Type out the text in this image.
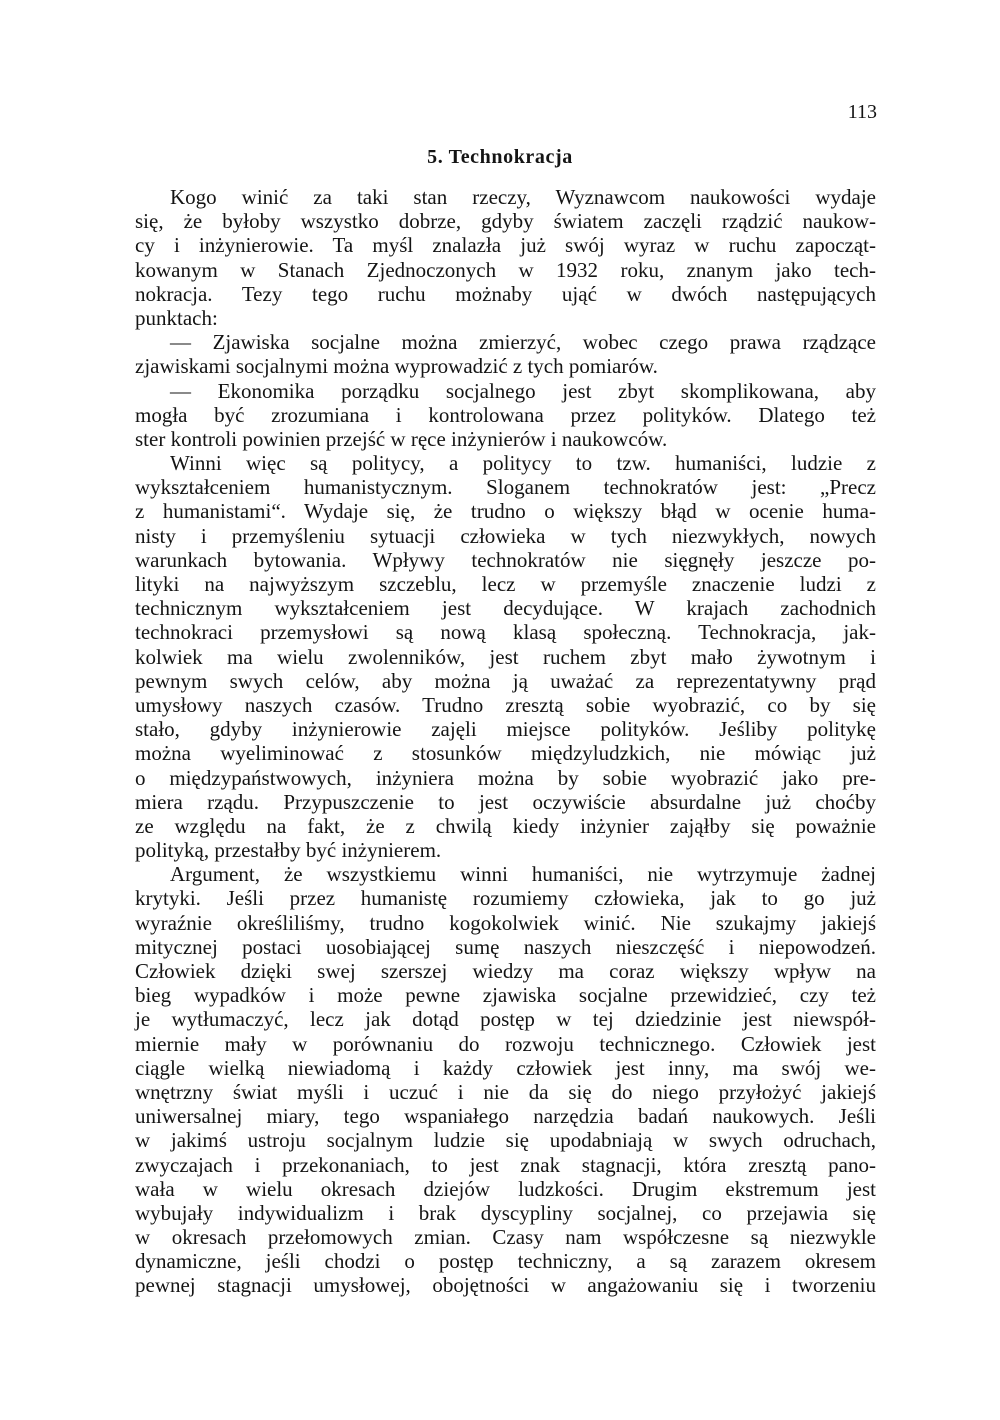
113
5. Technokracja
Kogo winić za taki stan rzeczy, Wyznawcom naukowości wydaje
się, że byłoby wszystko dobrze, gdyby światem zaczęli rządzić naukow-
cy i inżynierowie. Ta myśl znalazła już swój wyraz w ruchu zapocząt-
kowanym w Stanach Zjednoczonych w 1932 roku, znanym jako tech-
nokracja. Tezy tego ruchu możnaby ująć w dwóch następujących
punktach:
— Zjawiska socjalne można zmierzyć, wobec czego prawa rządzące
zjawiskami socjalnymi można wyprowadzić z tych pomiarów.
— Ekonomika porządku socjalnego jest zbyt skomplikowana, aby
mogła być zrozumiana i kontrolowana przez polityków. Dlatego też
ster kontroli powinien przejść w ręce inżynierów i naukowców.
Winni więc są politycy, a politycy to tzw. humaniści, ludzie z
wykształceniem humanistycznym. Sloganem technokratów jest: „Precz
z humanistami“. Wydaje się, że trudno o większy błąd w ocenie huma-
nisty i przemyśleniu sytuacji człowieka w tych niezwykłych, nowych
warunkach bytowania. Wpływy technokratów nie sięgnęły jeszcze po-
lityki na najwyższym szczeblu, lecz w przemyśle znaczenie ludzi z
technicznym wykształceniem jest decydujące. W krajach zachodnich
technokraci przemysłowi są nową klasą społeczną. Technokracja, jak-
kolwiek ma wielu zwolenników, jest ruchem zbyt mało żywotnym i
pewnym swych celów, aby można ją uważać za reprezentatywny prąd
umysłowy naszych czasów. Trudno zresztą sobie wyobrazić, co by się
stało, gdyby inżynierowie zajęli miejsce polityków. Jeśliby politykę
można wyeliminować z stosunków międzyludzkich, nie mówiąc już
o międzypaństwowych, inżyniera można by sobie wyobrazić jako pre-
miera rządu. Przypuszczenie to jest oczywiście absurdalne już choćby
ze względu na fakt, że z chwilą kiedy inżynier zająłby się poważnie
polityką, przestałby być inżynierem.
Argument, że wszystkiemu winni humaniści, nie wytrzymuje żadnej
krytyki. Jeśli przez humanistę rozumiemy człowieka, jak to go już
wyraźnie określiliśmy, trudno kogokolwiek winić. Nie szukajmy jakiejś
mitycznej postaci uosobiającej sumę naszych nieszczęść i niepowodzeń.
Człowiek dzięki swej szerszej wiedzy ma coraz większy wpływ na
bieg wypadków i może pewne zjawiska socjalne przewidzieć, czy też
je wytłumaczyć, lecz jak dotąd postęp w tej dziedzinie jest niewspół-
miernie mały w porównaniu do rozwoju technicznego. Człowiek jest
ciągle wielką niewiadomą i każdy człowiek jest inny, ma swój we-
wnętrzny świat myśli i uczuć i nie da się do niego przyłożyć jakiejś
uniwersalnej miary, tego wspaniałego narzędzia badań naukowych. Jeśli
w jakimś ustroju socjalnym ludzie się upodabniają w swych odruchach,
zwyczajach i przekonaniach, to jest znak stagnacji, która zresztą pano-
wała w wielu okresach dziejów ludzkości. Drugim ekstremum jest
wybujały indywidualizm i brak dyscypliny socjalnej, co przejawia się
w okresach przełomowych zmian. Czasy nam współczesne są niezwykle
dynamiczne, jeśli chodzi o postęp techniczny, a są zarazem okresem
pewnej stagnacji umysłowej, obojętności w angażowaniu się i tworzeniu
